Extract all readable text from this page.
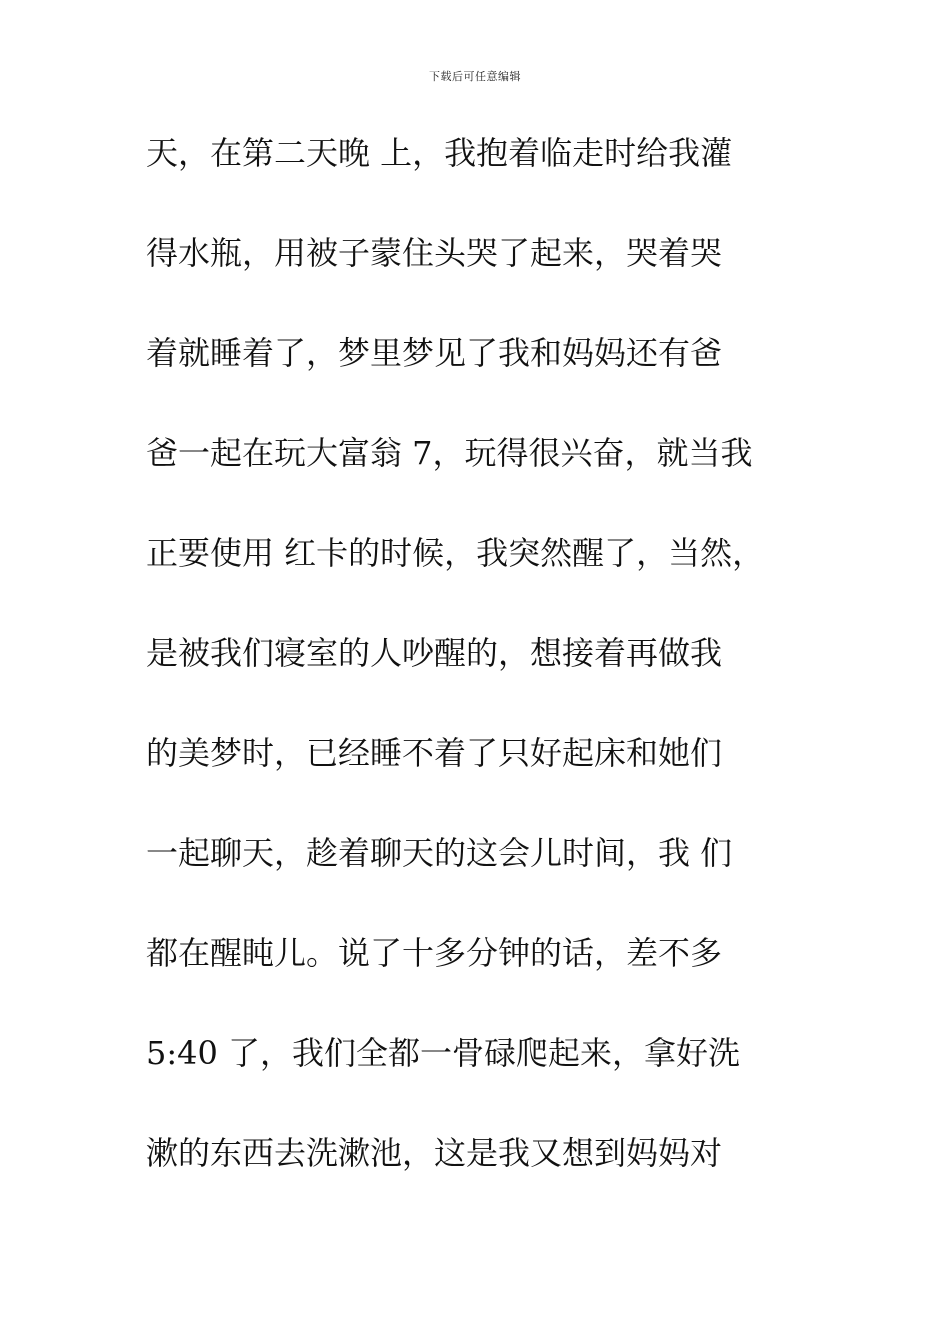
下载后可任意编辑
天，在第二天晚 上，我抱着临走时给我灌
得水瓶，用被子蒙住头哭了起来，哭着哭
着就睡着了，梦里梦见了我和妈妈还有爸
爸一起在玩大富翁 7，玩得很兴奋，就当我
正要使用 红卡的时候，我突然醒了，当然，
是被我们寝室的人吵醒的，想接着再做我
的美梦时，已经睡不着了只好起床和她们
一起聊天，趁着聊天的这会儿时间，我 们
都在醒盹儿。说了十多分钟的话，差不多
5:40 了，我们全都一骨碌爬起来，拿好洗
漱的东西去洗漱池，这是我又想到妈妈对
